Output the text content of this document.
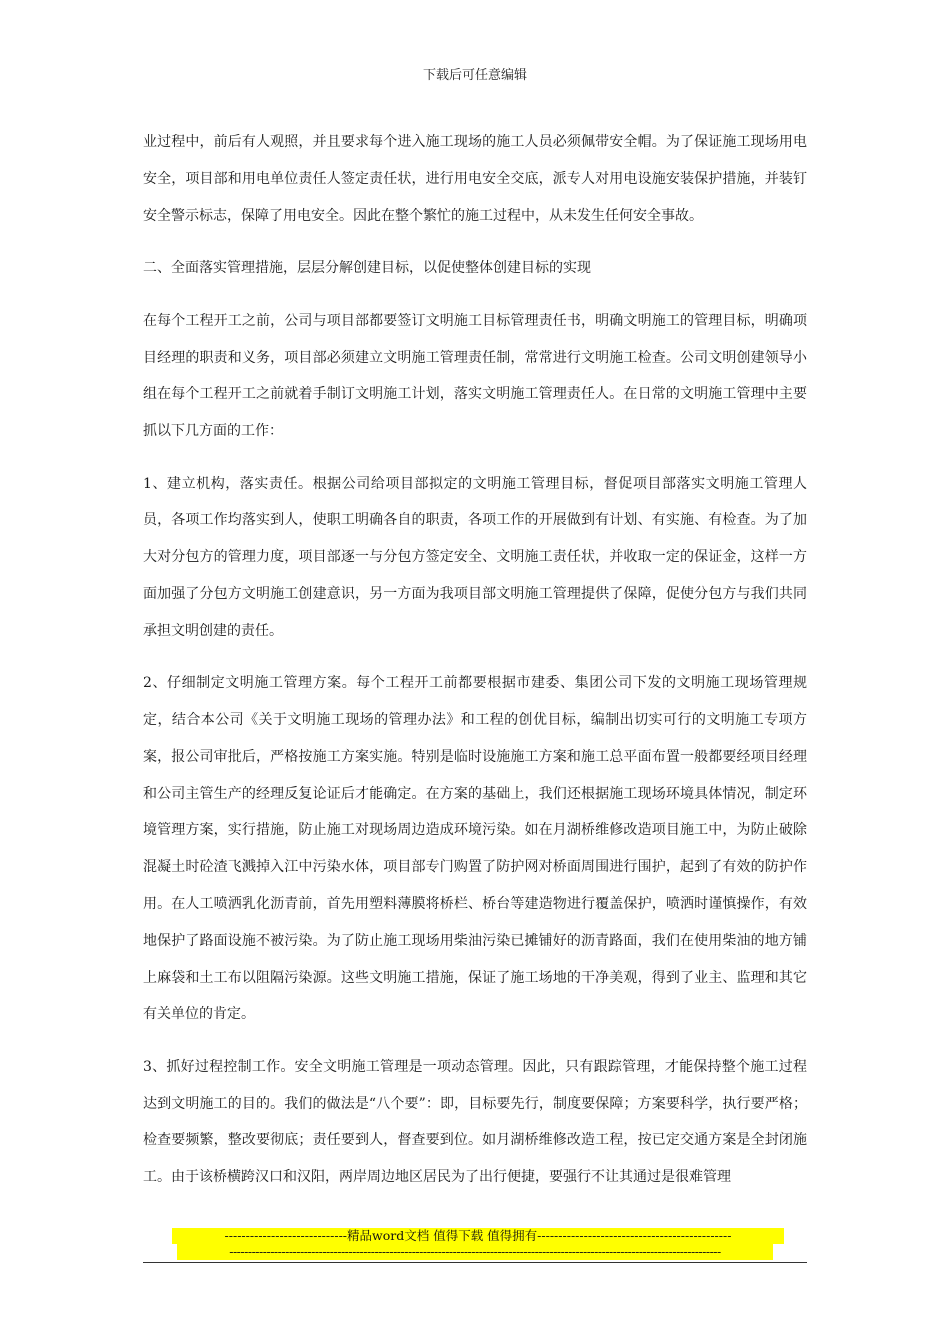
下载后可任意编辑

业过程中，前后有人观照，并且要求每个进入施工现场的施工人员必须佩带安全帽。为了保证施工现场用电安全，项目部和用电单位责任人签定责任状，进行用电安全交底，派专人对用电设施安装保护措施，并装钉安全警示标志，保障了用电安全。因此在整个繁忙的施工过程中，从未发生任何安全事故。

二、全面落实管理措施，层层分解创建目标，以促使整体创建目标的实现

在每个工程开工之前，公司与项目部都要签订文明施工目标管理责任书，明确文明施工的管理目标，明确项目经理的职责和义务，项目部必须建立文明施工管理责任制，常常进行文明施工检查。公司文明创建领导小组在每个工程开工之前就着手制订文明施工计划，落实文明施工管理责任人。在日常的文明施工管理中主要抓以下几方面的工作：

1、建立机构，落实责任。根据公司给项目部拟定的文明施工管理目标，督促项目部落实文明施工管理人员，各项工作均落实到人，使职工明确各自的职责，各项工作的开展做到有计划、有实施、有检查。为了加大对分包方的管理力度，项目部逐一与分包方签定安全、文明施工责任状，并收取一定的保证金，这样一方面加强了分包方文明施工创建意识，另一方面为我项目部文明施工管理提供了保障，促使分包方与我们共同承担文明创建的责任。

2、仔细制定文明施工管理方案。每个工程开工前都要根据市建委、集团公司下发的文明施工现场管理规定，结合本公司《关于文明施工现场的管理办法》和工程的创优目标，编制出切实可行的文明施工专项方案，报公司审批后，严格按施工方案实施。特别是临时设施施工方案和施工总平面布置一般都要经项目经理和公司主管生产的经理反复论证后才能确定。在方案的基础上，我们还根据施工现场环境具体情况，制定环境管理方案，实行措施，防止施工对现场周边造成环境污染。如在月湖桥维修改造项目施工中，为防止破除混凝土时砼渣飞溅掉入江中污染水体，项目部专门购置了防护网对桥面周围进行围护，起到了有效的防护作用。在人工喷洒乳化沥青前，首先用塑料薄膜将桥栏、桥台等建造物进行覆盖保护，喷洒时谨慎操作，有效地保护了路面设施不被污染。为了防止施工现场用柴油污染已摊铺好的沥青路面，我们在使用柴油的地方铺上麻袋和土工布以阻隔污染源。这些文明施工措施，保证了施工场地的干净美观，得到了业主、监理和其它有关单位的肯定。

3、抓好过程控制工作。安全文明施工管理是一项动态管理。因此，只有跟踪管理，才能保持整个施工过程达到文明施工的目的。我们的做法是“八个要”：即，目标要先行，制度要保障；方案要科学，执行要严格；检查要频繁，整改要彻底；责任要到人，督查要到位。如月湖桥维修改造工程，按已定交通方案是全封闭施工。由于该桥横跨汉口和汉阳，两岸周边地区居民为了出行便捷，要强行不让其通过是很难管理

-----------------------------精品word文档 值得下载 值得拥有----------------------------------------------
------------------------------------------------------------------------------------------------------------------------------------
